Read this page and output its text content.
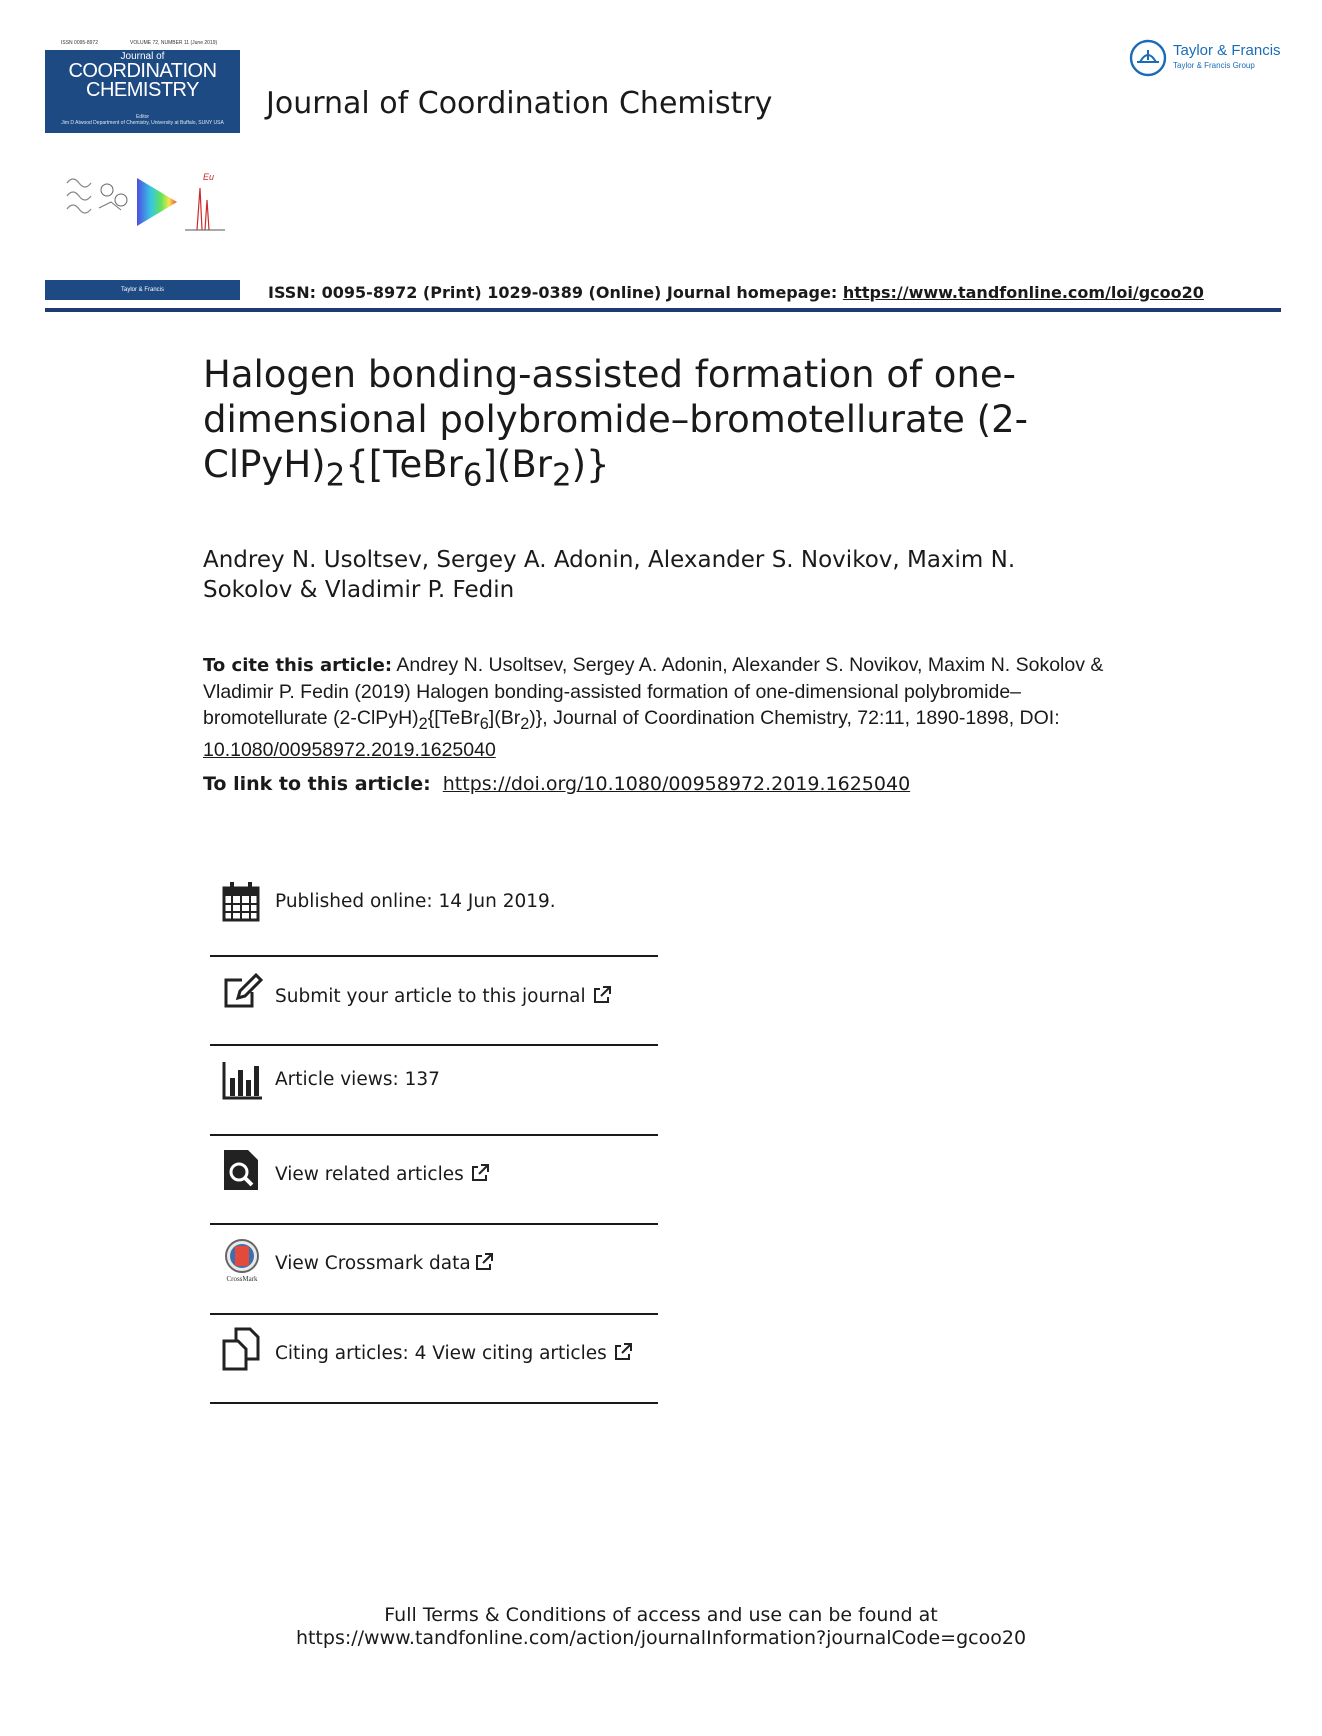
ISSN 0095-8972	VOLUME 72, NUMBER 11 (June 2019)
Journal of
COORDINATION
CHEMISTRY
Editor
Jim D Atwood Department of Chemistry, University at Buffalo, SUNY USA
Eu
Taylor & Francis
Journal of Coordination Chemistry
Taylor & Francis
Taylor & Francis Group
ISSN: 0095-8972 (Print) 1029-0389 (Online) Journal homepage: https://www.tandfonline.com/loi/gcoo20
Halogen bonding-assisted formation of one-dimensional polybromide–bromotellurate $(2-ClPyH)_2\{[TeBr_6](Br_2)\}$
Andrey N. Usoltsev, Sergey A. Adonin, Alexander S. Novikov, Maxim N. Sokolov & Vladimir P. Fedin
To cite this article: Andrey N. Usoltsev, Sergey A. Adonin, Alexander S. Novikov, Maxim N. Sokolov & Vladimir P. Fedin (2019) Halogen bonding-assisted formation of one-dimensional polybromide–bromotellurate $(2-ClPyH)_2\{[TeBr_6](Br_2)\}$, Journal of Coordination Chemistry, 72:11, 1890-1898, DOI: 10.1080/00958972.2019.1625040
To link to this article: https://doi.org/10.1080/00958972.2019.1625040
Published online: 14 Jun 2019.
Submit your article to this journal
Article views: 137
View related articles
CrossMark
View Crossmark data
Citing articles: 4 View citing articles
Full Terms & Conditions of access and use can be found at
https://www.tandfonline.com/action/journalInformation?journalCode=gcoo20
